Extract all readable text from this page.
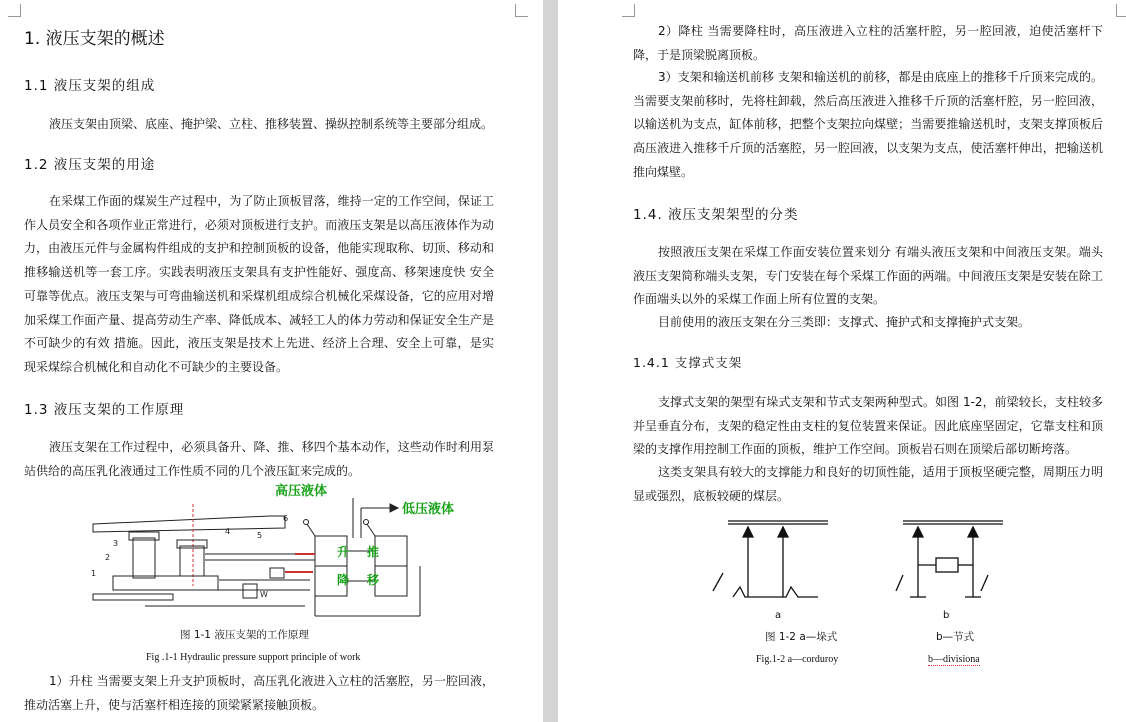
1. 液压支架的概述
1.1 液压支架的组成

液压支架由顶梁、底座、掩护梁、立柱、推移装置、操纵控制系统等主要部分组成。

1.2 液压支架的用途

在采煤工作面的煤炭生产过程中，为了防止顶板冒落，维持一定的工作空间，保证工作人员安全和各项作业正常进行，必须对顶板进行支护。而液压支架是以高压液体作为动力，由液压元件与金属构件组成的支护和控制顶板的设备，他能实现取称、切顶、移动和推移输送机等一套工序。实践表明液压支架具有支护性能好、强度高、移架速度快 安全可靠等优点。液压支架与可弯曲输送机和采煤机组成综合机械化采煤设备，它的应用对增加采煤工作面产量、提高劳动生产率、降低成本、减轻工人的体力劳动和保证安全生产是不可缺少的有效 措施。因此，液压支架是技术上先进、经济上合理、安全上可靠，是实现采煤综合机械化和自动化不可缺少的主要设备。

1.3 液压支架的工作原理

液压支架在工作过程中，必须具备升、降、推、移四个基本动作，这些动作时利用泵站供给的高压乳化液通过工作性质不同的几个液压缸来完成的。

高压液体
低压液体
升
降
推
移
1
2
3
4	5
6
W
图 1-1 液压支架的工作原理
Fig .1-1 Hydraulic pressure support principle of work

1）升柱 当需要支架上升支护顶板时，高压乳化液进入立柱的活塞腔，另一腔回液，推动活塞上升，使与活塞杆相连接的顶梁紧紧接触顶板。

2）降柱 当需要降柱时，高压液进入立柱的活塞杆腔，另一腔回液，迫使活塞杆下降，于是顶梁脱离顶板。

3）支架和输送机前移 支架和输送机的前移，都是由底座上的推移千斤顶来完成的。当需要支架前移时，先将柱卸载，然后高压液进入推移千斤顶的活塞杆腔，另一腔回液，以输送机为支点，缸体前移，把整个支架拉向煤壁；当需要推输送机时，支架支撑顶板后高压液进入推移千斤顶的活塞腔，另一腔回液，以支架为支点，使活塞杆伸出，把输送机推向煤壁。

1.4. 液压支架架型的分类

按照液压支架在采煤工作面安装位置来划分 有端头液压支架和中间液压支架。端头液压支架简称端头支架，专门安装在每个采煤工作面的两端。中间液压支架是安装在除工作面端头以外的采煤工作面上所有位置的支架。

目前使用的液压支架在分三类即：支撑式、掩护式和支撑掩护式支架。

1.4.1 支撑式支架

支撑式支架的架型有垛式支架和节式支架两种型式。如图 1-2，前梁较长，支柱较多并呈垂直分布，支架的稳定性由支柱的复位装置来保证。因此底座坚固定，它靠支柱和顶梁的支撑作用控制工作面的顶板，维护工作空间。顶板岩石则在顶梁后部切断垮落。

这类支架具有较大的支撑能力和良好的切顶性能，适用于顶板坚硬完整，周期压力明显或强烈，底板较硬的煤层。

a	b
图 1-2 a—垛式	b—节式
Fig.1-2 a—corduroy	b—divisiona
